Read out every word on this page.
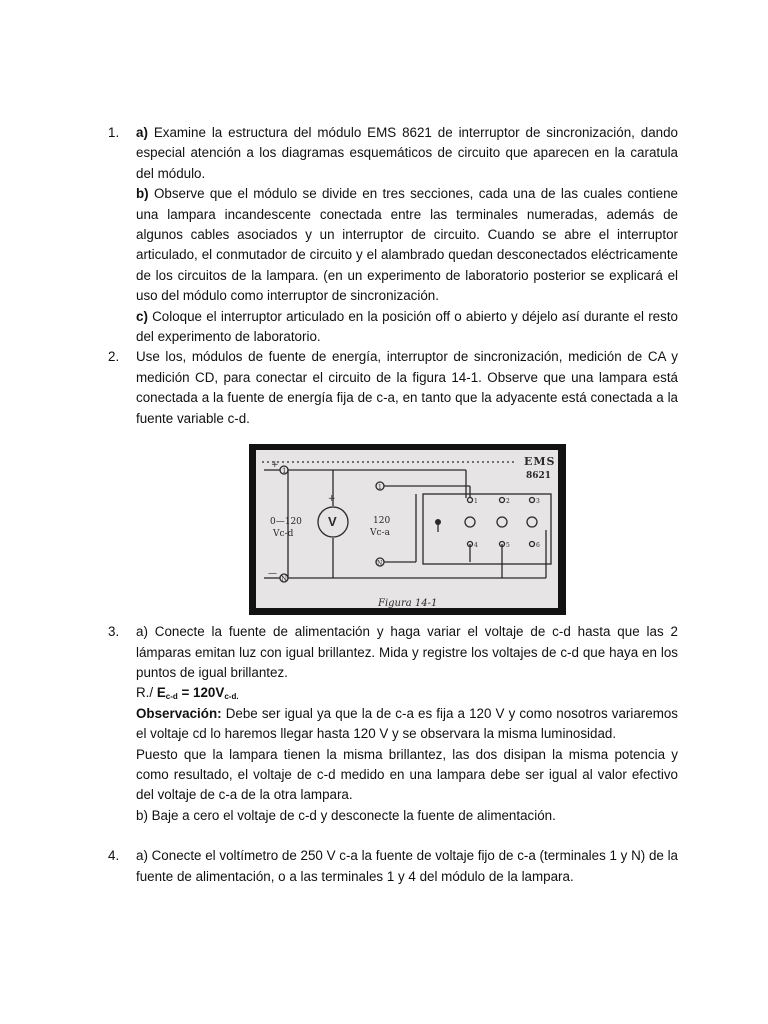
1.	a) Examine la estructura del módulo EMS 8621 de interruptor de sincronización, dando especial atención a los diagramas esquemáticos de circuito que aparecen en la caratula del módulo.
b) Observe que el módulo se divide en tres secciones, cada una de las cuales contiene una lampara incandescente conectada entre las terminales numeradas, además de algunos cables asociados y un interruptor de circuito. Cuando se abre el interruptor articulado, el conmutador de circuito y el alambrado quedan desconectados eléctricamente de los circuitos de la lampara. (en un experimento de laboratorio posterior se explicará el uso del módulo como interruptor de sincronización.
c) Coloque el interruptor articulado en la posición off o abierto y déjelo así durante el resto del experimento de laboratorio.
2.	Use los, módulos de fuente de energía, interruptor de sincronización, medición de CA y medición CD, para conectar el circuito de la figura 14-1. Observe que una lampara está conectada a la fuente de energía fija de c-a, en tanto que la adyacente está conectada a la fuente variable c-d.
3.	a) Conecte la fuente de alimentación y haga variar el voltaje de c-d hasta que las 2 lámparas emitan luz con igual brillantez. Mida y registre los voltajes de c-d que haya en los puntos de igual brillantez.
R./ $E_{c-d} = 120V_{c-d.}$
Observación: Debe ser igual ya que la de c-a es fija a 120 V y como nosotros variaremos el voltaje cd lo haremos llegar hasta 120 V y se observara la misma luminosidad.
Puesto que la lampara tienen la misma brillantez, las dos disipan la misma potencia y como resultado, el voltaje de c-d medido en una lampara debe ser igual al valor efectivo del voltaje de c-a de la otra lampara.
b) Baje a cero el voltaje de c-d y desconecte la fuente de alimentación.
4.	a) Conecte el voltímetro de 250 V c-a la fuente de voltaje fijo de c-a (terminales 1 y N) de la fuente de alimentación, o a las terminales 1 y 4 del módulo de la lampara.
EMS
8621
1
N
+
—
0—120
Vc-d
V
+
120
Vc-a
1
N
1	2	3
4	5	6
Figura 14-1
